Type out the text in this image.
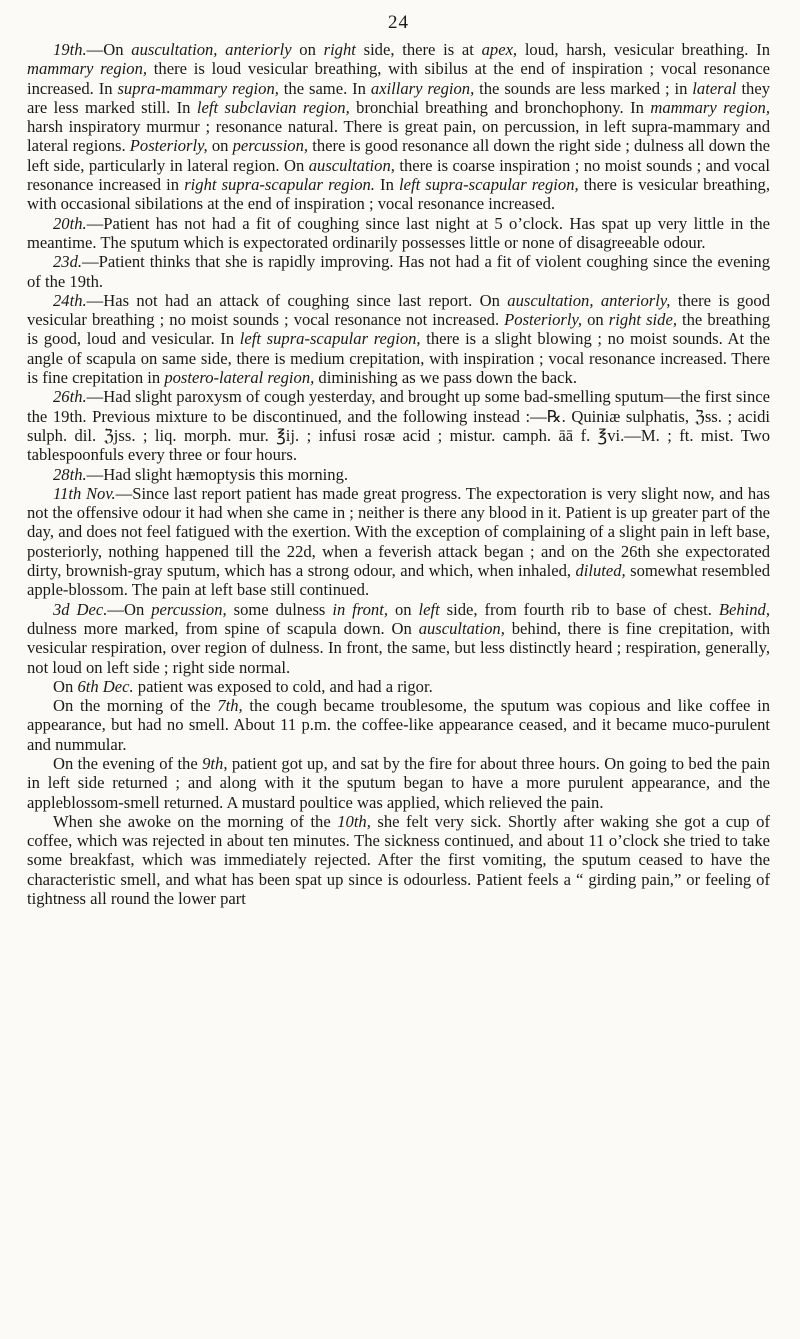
24

19th.—On auscultation, anteriorly on right side, there is at apex, loud, harsh, vesicular breathing. In mammary region, there is loud vesicular breathing, with sibilus at the end of inspiration ; vocal resonance increased. In supra-mammary region, the same. In axillary region, the sounds are less marked ; in lateral they are less marked still. In left subclavian region, bronchial breathing and bronchophony. In mammary region, harsh inspiratory murmur ; resonance natural. There is great pain, on percussion, in left supra-mammary and lateral regions. Posteriorly, on percussion, there is good resonance all down the right side ; dulness all down the left side, particularly in lateral region. On auscultation, there is coarse inspiration ; no moist sounds ; and vocal resonance increased in right supra-scapular region. In left supra-scapular region, there is vesicular breathing, with occasional sibilations at the end of inspiration ; vocal resonance increased.

20th.—Patient has not had a fit of coughing since last night at 5 o’clock. Has spat up very little in the meantime. The sputum which is expectorated ordinarily possesses little or none of disagreeable odour.

23d.—Patient thinks that she is rapidly improving. Has not had a fit of violent coughing since the evening of the 19th.

24th.—Has not had an attack of coughing since last report. On auscultation, anteriorly, there is good vesicular breathing ; no moist sounds ; vocal resonance not increased. Posteriorly, on right side, the breathing is good, loud and vesicular. In left supra-scapular region, there is a slight blowing ; no moist sounds. At the angle of scapula on same side, there is medium crepitation, with inspiration ; vocal resonance increased. There is fine crepitation in postero-lateral region, diminishing as we pass down the back.

26th.—Had slight paroxysm of cough yesterday, and brought up some bad-smelling sputum—the first since the 19th. Previous mixture to be discontinued, and the following instead :—℞. Quiniæ sulphatis, ℨss. ; acidi sulph. dil. ℨjss. ; liq. morph. mur. ℥ij. ; infusi rosæ acid ; mistur. camph. āā f. ℥vi.—M. ; ft. mist. Two tablespoonfuls every three or four hours.

28th.—Had slight hæmoptysis this morning.

11th Nov.—Since last report patient has made great progress. The expectoration is very slight now, and has not the offensive odour it had when she came in ; neither is there any blood in it. Patient is up greater part of the day, and does not feel fatigued with the exertion. With the exception of complaining of a slight pain in left base, posteriorly, nothing happened till the 22d, when a feverish attack began ; and on the 26th she expectorated dirty, brownish-gray sputum, which has a strong odour, and which, when inhaled, diluted, somewhat resembled apple-blossom. The pain at left base still continued.

3d Dec.—On percussion, some dulness in front, on left side, from fourth rib to base of chest. Behind, dulness more marked, from spine of scapula down. On auscultation, behind, there is fine crepitation, with vesicular respiration, over region of dulness. In front, the same, but less distinctly heard ; respiration, generally, not loud on left side ; right side normal.

On 6th Dec. patient was exposed to cold, and had a rigor.

On the morning of the 7th, the cough became troublesome, the sputum was copious and like coffee in appearance, but had no smell. About 11 p.m. the coffee-like appearance ceased, and it became muco-purulent and nummular.

On the evening of the 9th, patient got up, and sat by the fire for about three hours. On going to bed the pain in left side returned ; and along with it the sputum began to have a more purulent appearance, and the appleblossom-smell returned. A mustard poultice was applied, which relieved the pain.

When she awoke on the morning of the 10th, she felt very sick. Shortly after waking she got a cup of coffee, which was rejected in about ten minutes. The sickness continued, and about 11 o’clock she tried to take some breakfast, which was immediately rejected. After the first vomiting, the sputum ceased to have the characteristic smell, and what has been spat up since is odourless. Patient feels a “ girding pain,” or feeling of tightness all round the lower part
